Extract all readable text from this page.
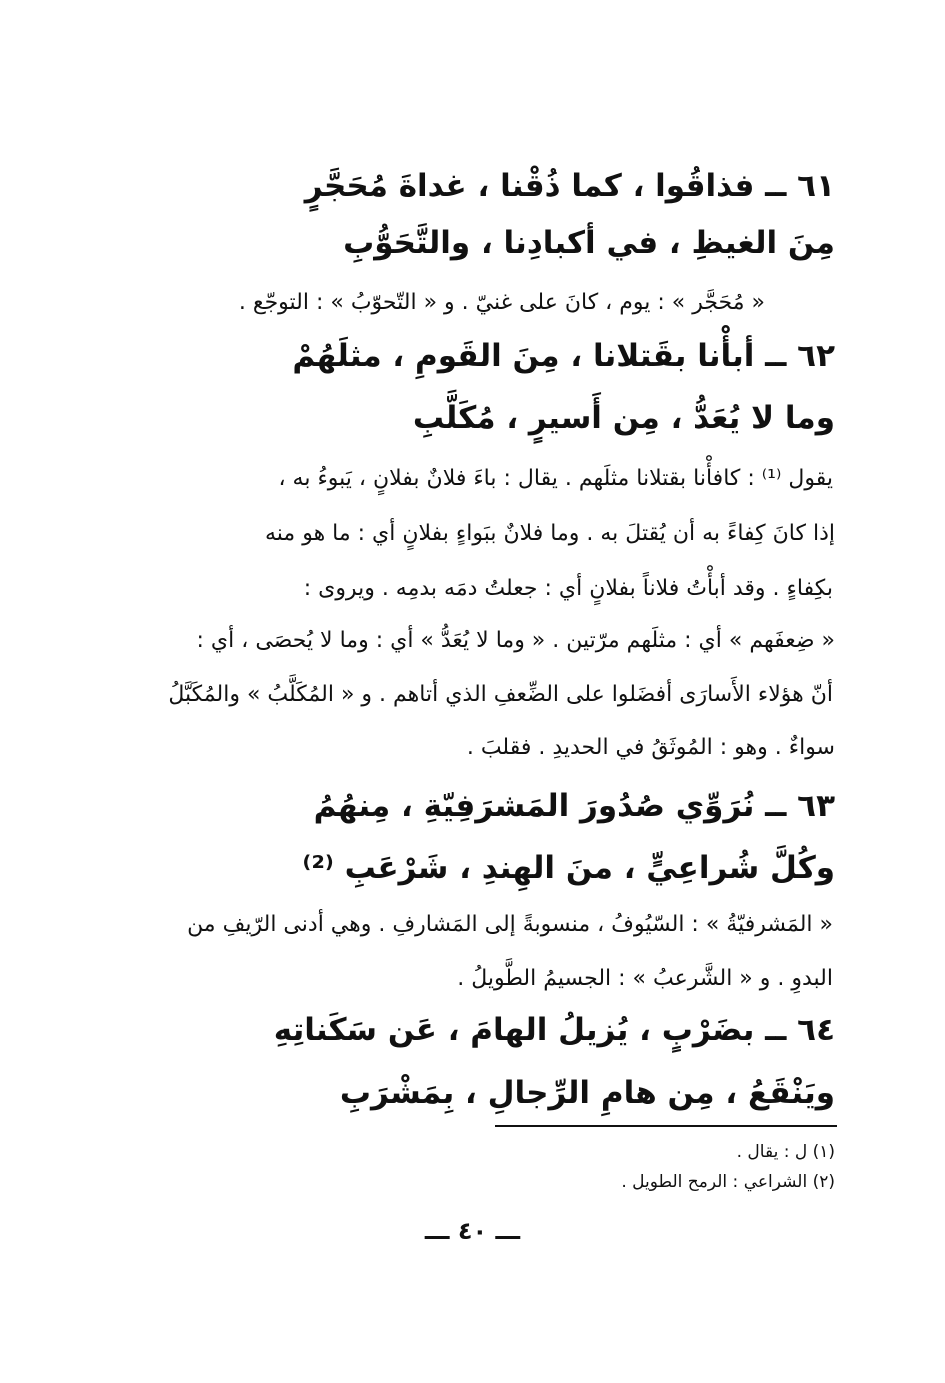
٦١ ــ فذاقُوا ، كما ذُقْنا ، غداةَ مُحَجَّرٍ
مِنَ الغيظِ ، في أكبادِنا ، والتَّحَوُّبِ
« مُحَجَّر » : يوم ، كانَ على غنيّ . و « التّحوّبُ » : التوجّع .
٦٢ ــ أبأْنا بقَتلانا ، مِنَ القَومِ ، مثلَهُمْ
وما لا يُعَدُّ ، مِن أَسيرٍ ، مُكَلَّبِ
يقول ⁽¹⁾ : كافأْنا بقتلانا مثلَهم . يقال : باءَ فلانٌ بفلانٍ ، يَبوءُ به ،
إذا كانَ كِفاءً به أن يُقتلَ به . وما فلانٌ ببَواءٍ بفلانٍ أي : ما هو منه
بكِفاءٍ . وقد أبأْتُ فلاناً بفلانٍ أي : جعلتُ دمَه بدمِه . ويروى :
« ضِعفَهم » أي : مثلَهم مرّتين . « وما لا يُعَدُّ » أي : وما لا يُحصَى ، أي :
أنّ هؤلاء الأَسارَى أفضَلوا على الضِّعفِ الذي أتاهم . و « المُكَلَّبُ » والمُكَبَّلُ
سواءٌ . وهو : المُوثَقُ في الحديدِ . فقلبَ .
٦٣ ــ نُرَوِّي صُدُورَ المَشرَفِيّةِ ، مِنهُمُ
وكُلَّ شُراعِيٍّ ، منَ الهِندِ ، شَرْعَبِ ⁽²⁾
« المَشرفيّةُ » : السّيُوفُ ، منسوبةً إلى المَشارفِ . وهي أدنى الرّيفِ من
البدوِ . و « الشَّرعبُ » : الجسيمُ الطَّويلُ .
٦٤ ــ بضَرْبٍ ، يُزيلُ الهامَ ، عَن سَكَناتِهِ
ويَنْقَعُ ، مِن هامِ الرِّجالِ ، بِمَشْرَبِ
(١) ل : يقال .
(٢) الشراعي : الرمح الطويل .
ـــ ٤٠ ـــ
